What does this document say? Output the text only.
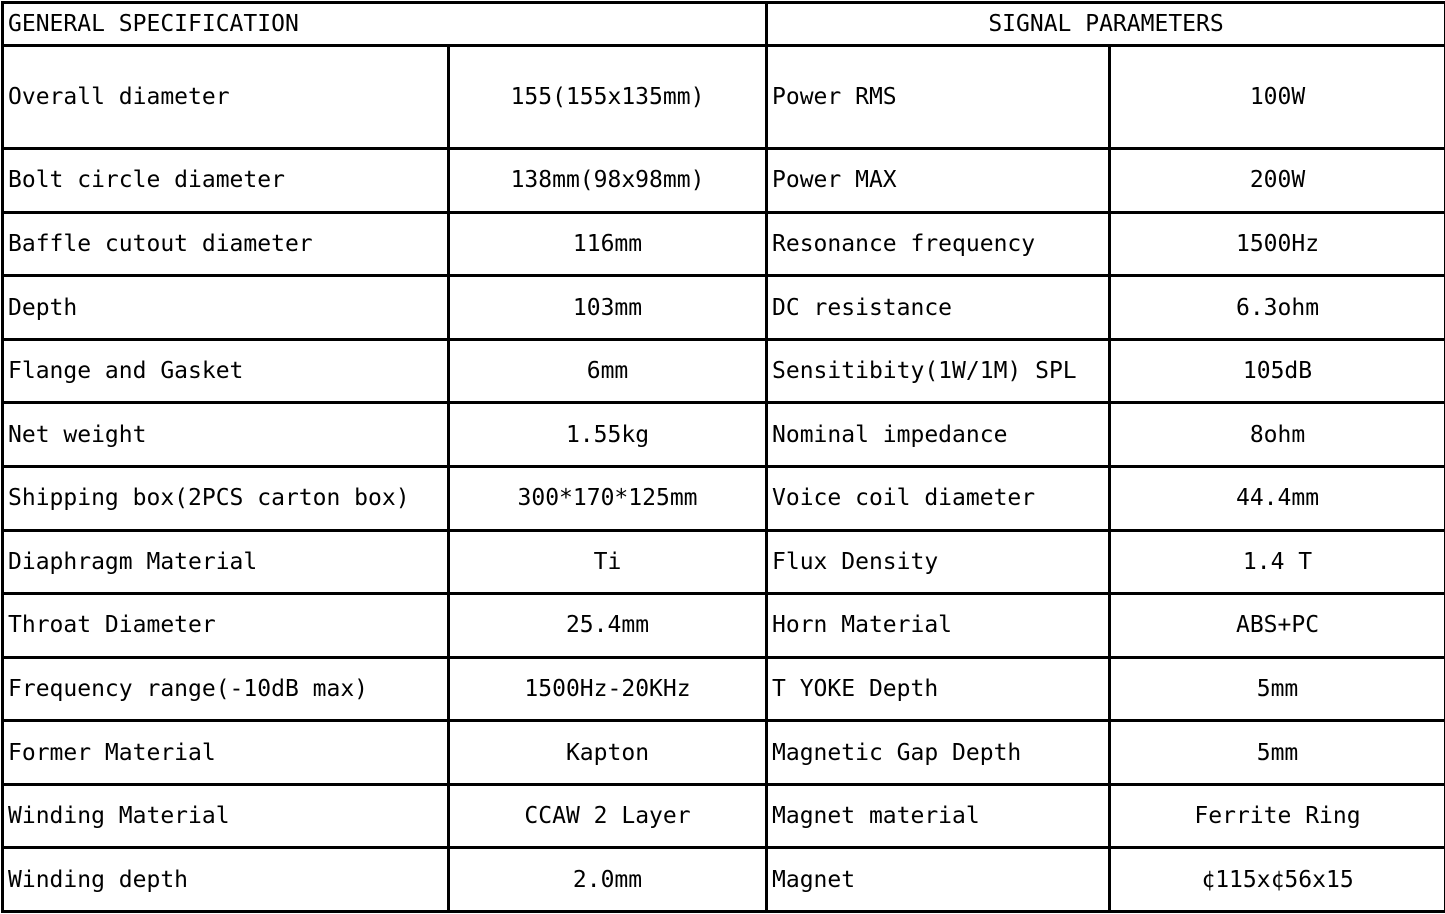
GENERAL SPECIFICATION		SIGNAL PARAMETERS	
Overall diameter	155(155x135mm)	Power RMS	100W
Bolt circle diameter	138mm(98x98mm)	Power MAX	200W
Baffle cutout diameter	116mm	Resonance frequency	1500Hz
Depth	103mm	DC resistance	6.3ohm
Flange and Gasket	6mm	Sensitibity(1W/1M) SPL	105dB
Net weight	1.55kg	Nominal impedance	8ohm
Shipping box(2PCS carton box)	300*170*125mm	Voice coil diameter	44.4mm
Diaphragm Material	Ti	Flux Density	1.4 T
Throat Diameter	25.4mm	Horn Material	ABS+PC
Frequency range(-10dB max)	1500Hz-20KHz	T YOKE Depth	5mm
Former Material	Kapton	Magnetic Gap Depth	5mm
Winding Material	CCAW 2 Layer	Magnet material	Ferrite Ring
Winding depth	2.0mm	Magnet	¢115x¢56x15
